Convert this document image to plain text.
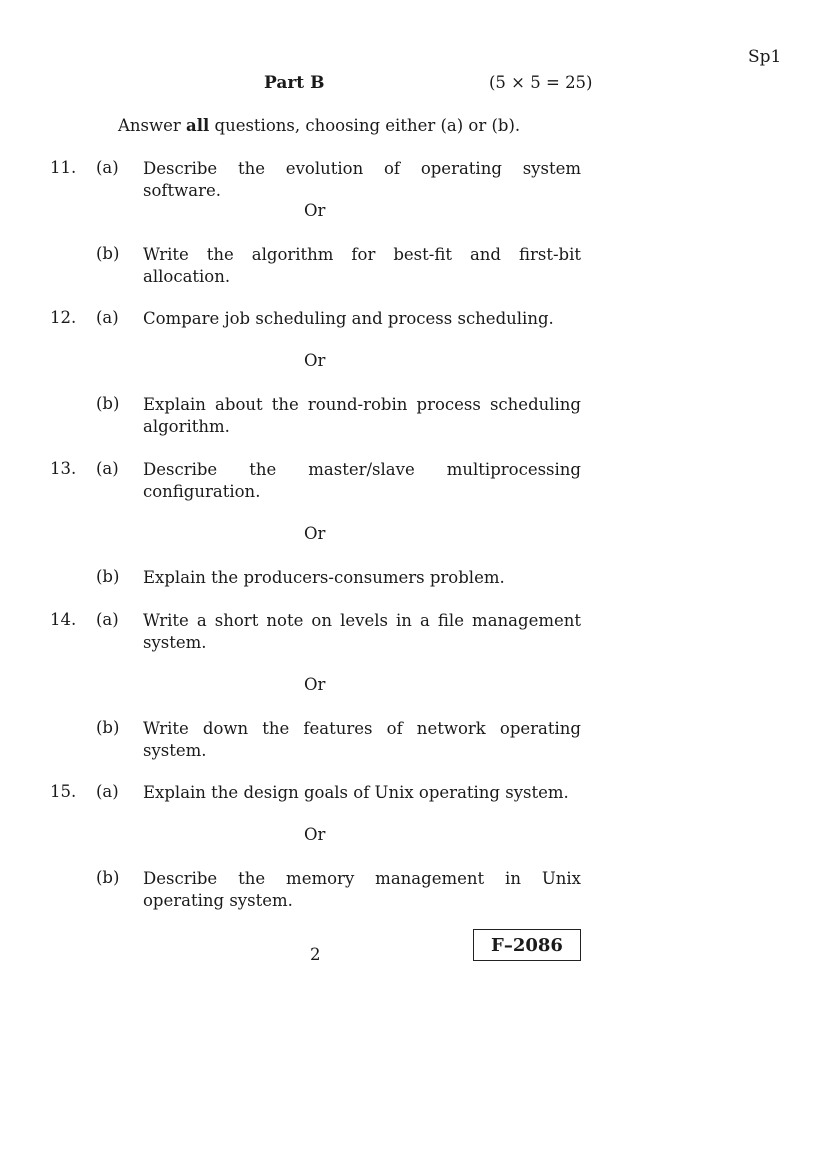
Sp1
Part B	(5 × 5 = 25)
Answer all questions, choosing either (a) or (b).
11. (a) Describe the evolution of operating system software.
Or
(b) Write the algorithm for best-fit and first-bit allocation.
12. (a) Compare job scheduling and process scheduling.
Or
(b) Explain about the round-robin process scheduling algorithm.
13. (a) Describe the master/slave multiprocessing configuration.
Or
(b) Explain the producers-consumers problem.
14. (a) Write a short note on levels in a file management system.
Or
(b) Write down the features of network operating system.
15. (a) Explain the design goals of Unix operating system.
Or
(b) Describe the memory management in Unix operating system.
2	F–2086
